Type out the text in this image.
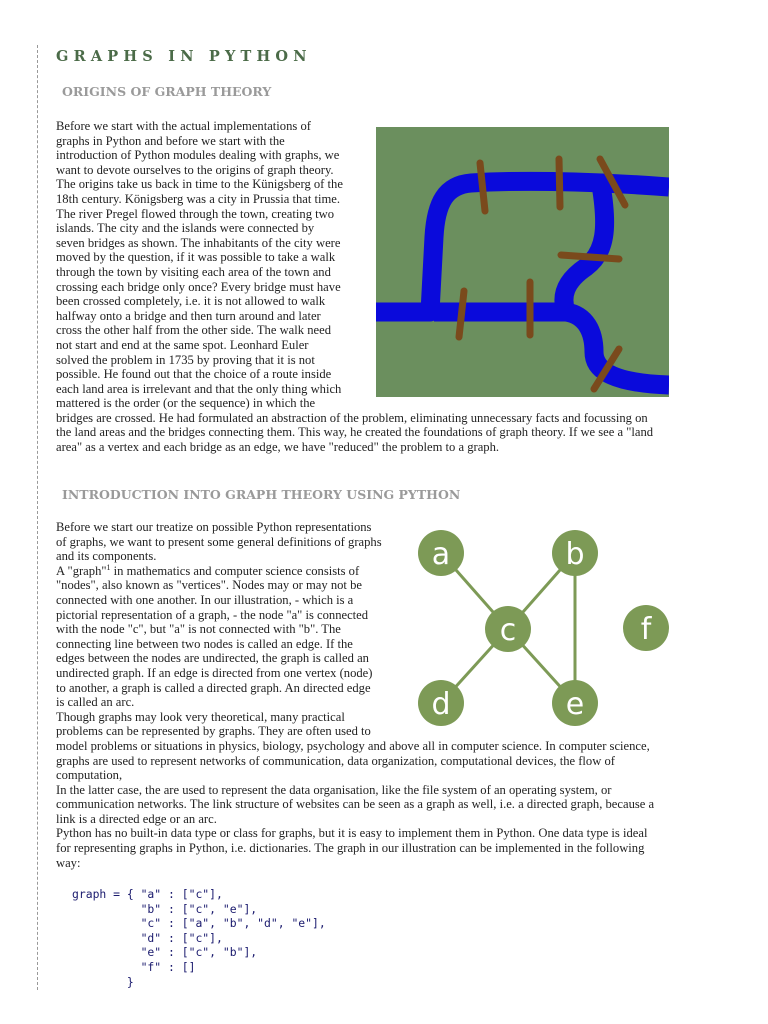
GRAPHS IN PYTHON
ORIGINS OF GRAPH THEORY
Before we start with the actual implementations of
graphs in Python and before we start with the
introduction of Python modules dealing with graphs, we
want to devote ourselves to the origins of graph theory.
The origins take us back in time to the Künigsberg of the
18th century. Königsberg was a city in Prussia that time.
The river Pregel flowed through the town, creating two
islands. The city and the islands were connected by
seven bridges as shown. The inhabitants of the city were
moved by the question, if it was possible to take a walk
through the town by visiting each area of the town and
crossing each bridge only once? Every bridge must have
been crossed completely, i.e. it is not allowed to walk
halfway onto a bridge and then turn around and later
cross the other half from the other side. The walk need
not start and end at the same spot. Leonhard Euler
solved the problem in 1735 by proving that it is not
possible. He found out that the choice of a route inside
each land area is irrelevant and that the only thing which
mattered is the order (or the sequence) in which the
bridges are crossed. He had formulated an abstraction of the problem, eliminating unnecessary facts and focussing on
the land areas and the bridges connecting them. This way, he created the foundations of graph theory. If we see a "land
area" as a vertex and each bridge as an edge, we have "reduced" the problem to a graph.
INTRODUCTION INTO GRAPH THEORY USING PYTHON
a	b
c	f
d	e
Before we start our treatize on possible Python representations
of graphs, we want to present some general definitions of graphs
and its components.
A "graph"$^1$ in mathematics and computer science consists of
"nodes", also known as "vertices". Nodes may or may not be
connected with one another. In our illustration, - which is a
pictorial representation of a graph, - the node "a" is connected
with the node "c", but "a" is not connected with "b". The
connecting line between two nodes is called an edge. If the
edges between the nodes are undirected, the graph is called an
undirected graph. If an edge is directed from one vertex (node)
to another, a graph is called a directed graph. An directed edge
is called an arc.
Though graphs may look very theoretical, many practical
problems can be represented by graphs. They are often used to
model problems or situations in physics, biology, psychology and above all in computer science. In computer science,
graphs are used to represent networks of communication, data organization, computational devices, the flow of
computation,
In the latter case, the are used to represent the data organisation, like the file system of an operating system, or
communication networks. The link structure of websites can be seen as a graph as well, i.e. a directed graph, because a
link is a directed edge or an arc.
Python has no built-in data type or class for graphs, but it is easy to implement them in Python. One data type is ideal
for representing graphs in Python, i.e. dictionaries. The graph in our illustration can be implemented in the following
way:
graph = { "a" : ["c"],
"b" : ["c", "e"],
"c" : ["a", "b", "d", "e"],
"d" : ["c"],
"e" : ["c", "b"],
"f" : []
}
